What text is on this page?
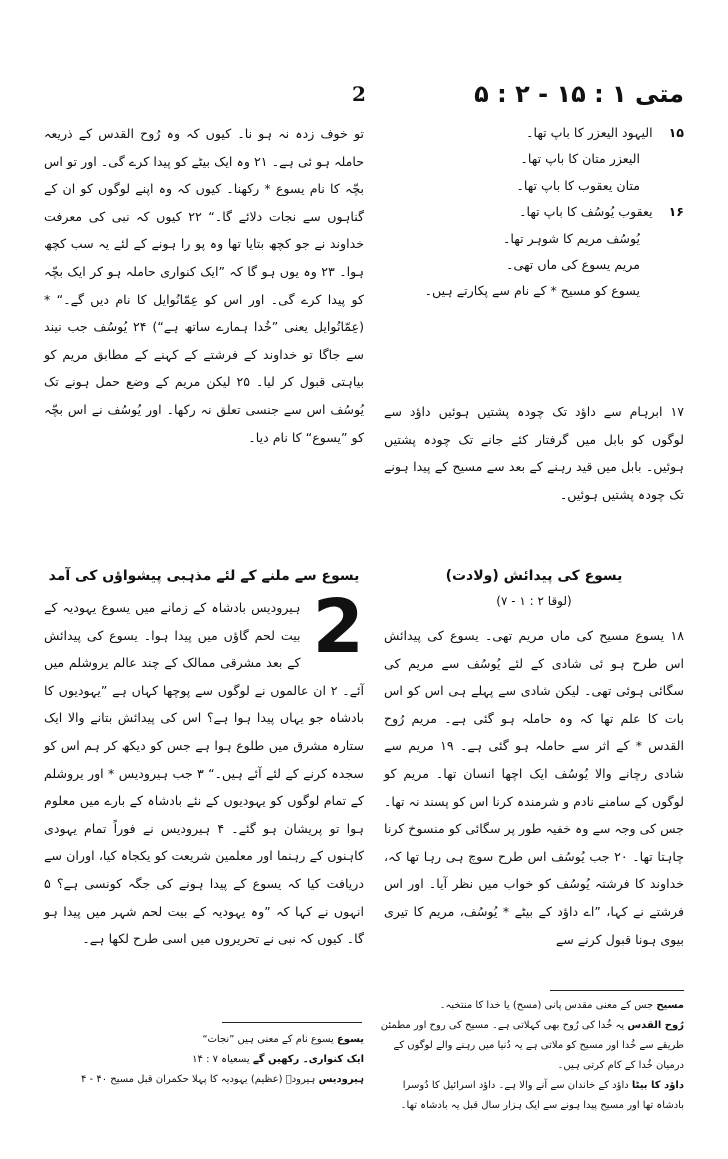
2	متی ۱ : ۱۵ - ۲ : ۵
۱۵    الیہود الیعزر کا باپ تھا۔
الیعزر متان کا باپ تھا۔
متان یعقوب کا باپ تھا۔
۱۶    یعقوب یُوسُف کا باپ تھا۔
یُوسُف مریم کا شوہر تھا۔
مریم یسوع کی ماں تھی۔
یسوع کو مسیح * کے نام سے پکارتے ہیں۔

۱۷ ابرہام سے داؤد تک چودہ پشتیں ہوئیں داؤد سے لوگوں کو بابل میں گرفتار کئے جانے تک چودہ پشتیں ہوئیں۔ بابل میں قید رہنے کے بعد سے مسیح کے پیدا ہونے تک چودہ پشتیں ہوئیں۔

تو خوف زدہ نہ ہو نا۔ کیوں کہ وہ رُوح القدس کے ذریعہ حاملہ ہو ئی ہے۔ ۲۱ وہ ایک بیٹے کو پیدا کرے گی۔ اور تو اس بچّہ کا نام یسوع * رکھنا۔ کیوں کہ وہ اپنے لوگوں کو ان کے گناہوں سے نجات دلائے گا۔“ ۲۲ کیوں کہ نبی کی معرفت خداوند نے جو کچھ بتایا تھا وہ پو را ہونے کے لئے یہ سب کچھ ہوا۔ ۲۳ وہ یوں ہو گا کہ ”ایک کنواری حاملہ ہو کر ایک بچّہ کو پیدا کرے گی۔ اور اس کو عِمّانُوایل کا نام دیں گے۔“ * (عِمّانُوایل یعنی ”خُدا ہمارے ساتھ ہے“) ۲۴ یُوسُف جب نیند سے جاگا تو خداوند کے فرشتے کے کہنے کے مطابق مریم کو بیاہتی قبول کر لیا۔ ۲۵ لیکن مریم کے وضع حمل ہونے تک یُوسُف اس سے جنسی تعلق نہ رکھا۔ اور یُوسُف نے اس بچّہ کو ”یسوع“ کا نام دیا۔

یسوع کی پیدائش (ولادت)
(لوقا ۲ : ۱ - ۷)

۱۸ یسوع مسیح کی ماں مریم تھی۔ یسوع کی پیدائش اس طرح ہو ئی شادی کے لئے یُوسُف سے مریم کی سگائی ہوئی تھی۔ لیکن شادی سے پہلے ہی اس کو اس بات کا علم تھا کہ وہ حاملہ ہو گئی ہے۔ مریم رُوح القدس * کے اثر سے حاملہ ہو گئی ہے۔ ۱۹ مریم سے شادی رچانے والا یُوسُف ایک اچھا انسان تھا۔ مریم کو لوگوں کے سامنے نادم و شرمندہ کرنا اس کو پسند نہ تھا۔ جس کی وجہ سے وہ خفیہ طور پر سگائی کو منسوخ کرنا چاہتا تھا۔ ۲۰ جب یُوسُف اس طرح سوچ ہی رہا تھا کہ، خداوند کا فرشتہ یُوسُف کو خواب میں نظر آیا۔ اور اس فرشتے نے کہا، ”اے داؤد کے بیٹے * یُوسُف، مریم کا تیری بیوی ہونا قبول کرنے سے

یسوع سے ملنے کے لئے مذہبی پیشواؤں کی آمد
2

ہیرودیس بادشاہ کے زمانے میں یسوع یہودیہ کے بیت لحم گاؤں میں پیدا ہوا۔ یسوع کی پیدائش کے بعد مشرقی ممالک کے چند عالم یروشلم میں آئے۔ ۲ ان عالموں نے لوگوں سے پوچھا کہاں ہے ”یہودیوں کا بادشاہ جو یہاں پیدا ہوا ہے؟ اس کی پیدائش بتانے والا ایک ستارہ مشرق میں طلوع ہوا ہے جس کو دیکھ کر ہم اس کو سجدہ کرنے کے لئے آئے ہیں۔“ ۳ جب ہیرودیس * اور یروشلم کے تمام لوگوں کو یہودیوں کے نئے بادشاہ کے بارے میں معلوم ہوا تو پریشان ہو گئے۔ ۴ ہیرودیس نے فوراً تمام یہودی کاہنوں کے رہنما اور معلمین شریعت کو یکجاہ کیا، اوران سے دریافت کیا کہ یسوع کے پیدا ہونے کی جگہ کونسی ہے؟ ۵ انہوں نے کہا کہ ”وہ یہودیہ کے بیت لحم شہر میں پیدا ہو گا۔ کیوں کہ نبی نے تحریروں میں اسی طرح لکھا ہے۔

یسوع یسوع نام کے معنی ہیں ”نجات“
ایک کنواری۔ رکھیں گے یسعیاہ ۷ : ۱۴
ہیرودیس ہیرودؔ (عظیم) یہودیہ کا پہلا حکمران قبل مسیح ۴۰ - ۴
مسیح جس کے معنی مقدس پانی (مسح) یا خدا کا منتخبہ۔
رُوح القدس یہ خُدا کی رُوح بھی کہلاتی ہے۔ مسیح کی روح اور مطمئن طریقے سے خُدا اور مسیح کو ملاتی ہے یہ دُنیا میں رہنے والے لوگوں کے درمیان خُدا کے کام کرتی ہیں۔
داؤد کا بیٹا داؤد کے خاندان سے آنے والا ہے۔ داؤد اسرائیل کا دُوسرا بادشاہ تھا اور مسیح پیدا ہونے سے ایک ہزار سال قبل یہ بادشاہ تھا۔
